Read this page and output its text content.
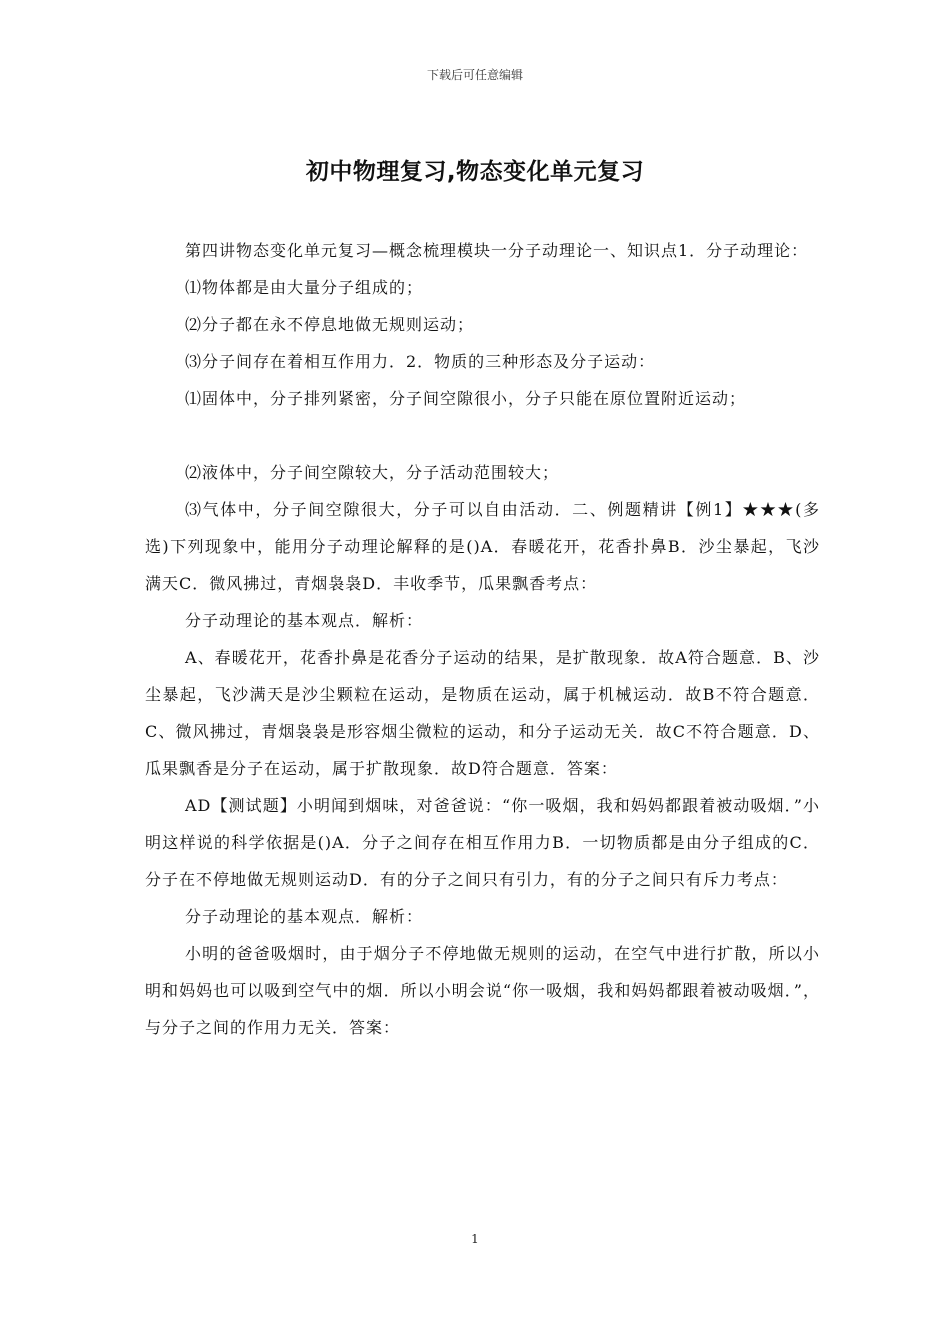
下载后可任意编辑
初中物理复习,物态变化单元复习

第四讲物态变化单元复习—概念梳理模块一分子动理论一、知识点1．分子动理论：

⑴物体都是由大量分子组成的；

⑵分子都在永不停息地做无规则运动；

⑶分子间存在着相互作用力．2．物质的三种形态及分子运动：

⑴固体中，分子排列紧密，分子间空隙很小，分子只能在原位置附近运动；

⑵液体中，分子间空隙较大，分子活动范围较大；

⑶气体中，分子间空隙很大，分子可以自由活动．二、例题精讲【例1】★★★(多选)下列现象中，能用分子动理论解释的是()A．春暖花开，花香扑鼻B．沙尘暴起，飞沙满天C．微风拂过，青烟袅袅D．丰收季节，瓜果飘香考点：

分子动理论的基本观点．解析：

A、春暖花开，花香扑鼻是花香分子运动的结果，是扩散现象．故A符合题意．B、沙尘暴起，飞沙满天是沙尘颗粒在运动，是物质在运动，属于机械运动．故B不符合题意．C、微风拂过，青烟袅袅是形容烟尘微粒的运动，和分子运动无关．故C不符合题意．D、瓜果飘香是分子在运动，属于扩散现象．故D符合题意．答案：

AD【测试题】小明闻到烟味，对爸爸说：“你一吸烟，我和妈妈都跟着被动吸烟．”小明这样说的科学依据是()A．分子之间存在相互作用力B．一切物质都是由分子组成的C．分子在不停地做无规则运动D．有的分子之间只有引力，有的分子之间只有斥力考点：

分子动理论的基本观点．解析：

小明的爸爸吸烟时，由于烟分子不停地做无规则的运动，在空气中进行扩散，所以小明和妈妈也可以吸到空气中的烟．所以小明会说“你一吸烟，我和妈妈都跟着被动吸烟．”，与分子之间的作用力无关．答案：

1
